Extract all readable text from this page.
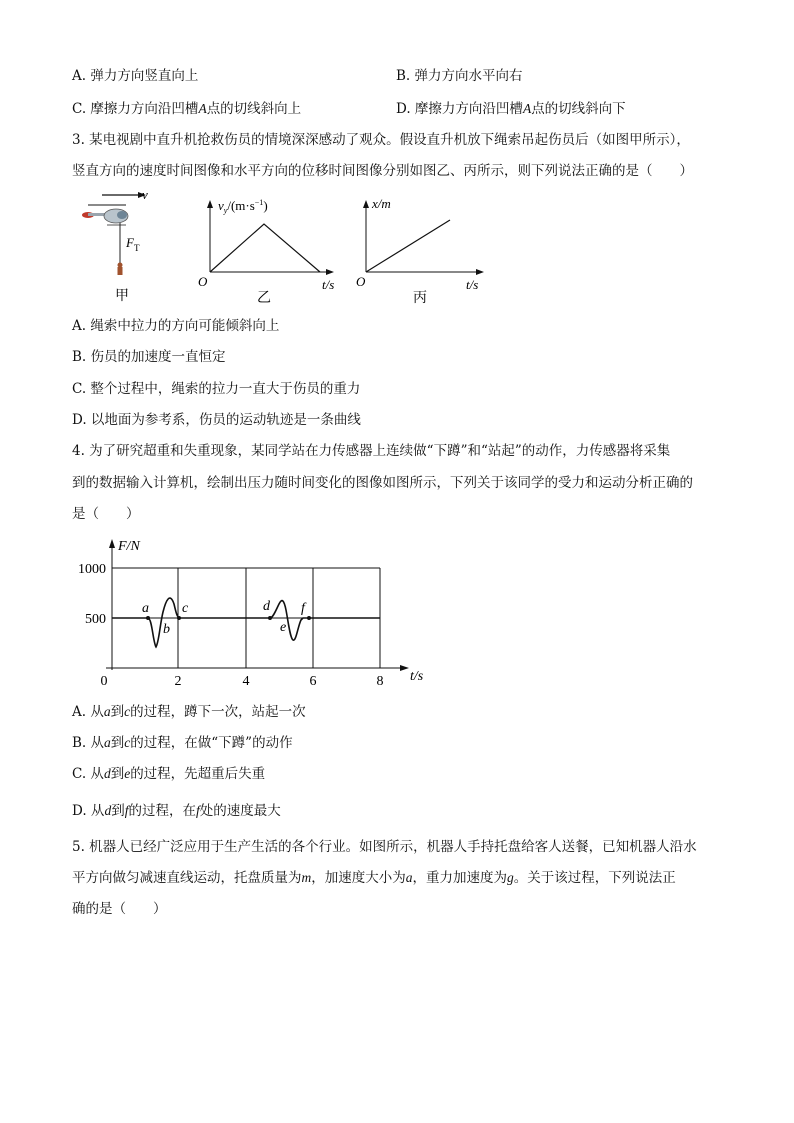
A. 弹力方向竖直向上	B. 弹力方向水平向右
C. 摩擦力方向沿凹槽A点的切线斜向上	D. 摩擦力方向沿凹槽A点的切线斜向下
3. 某电视剧中直升机抢救伤员的情境深深感动了观众。假设直升机放下绳索吊起伤员后（如图甲所示），
竖直方向的速度时间图像和水平方向的位移时间图像分别如图乙、丙所示，则下列说法正确的是（　　）
v
$F_T$
甲
$v_y/(m\cdot s^{-1})$
O	t/s
乙
x/m
O	t/s
丙
A. 绳索中拉力的方向可能倾斜向上
B. 伤员的加速度一直恒定
C. 整个过程中，绳索的拉力一直大于伤员的重力
D. 以地面为参考系，伤员的运动轨迹是一条曲线
4. 为了研究超重和失重现象，某同学站在力传感器上连续做“下蹲”和“站起”的动作，力传感器将采集
到的数据输入计算机，绘制出压力随时间变化的图像如图所示，下列关于该同学的受力和运动分析正确的
是（　　）
a
b
c	d
e
f
F/N
t/s
1000
500
0	2	4	6	8
A. 从a到c的过程，蹲下一次，站起一次
B. 从a到c的过程，在做“下蹲”的动作
C. 从d到e的过程，先超重后失重
D. 从d到f的过程，在f处的速度最大
5. 机器人已经广泛应用于生产生活的各个行业。如图所示，机器人手持托盘给客人送餐，已知机器人沿水
平方向做匀减速直线运动，托盘质量为m，加速度大小为a，重力加速度为g。关于该过程，下列说法正
确的是（　　）
